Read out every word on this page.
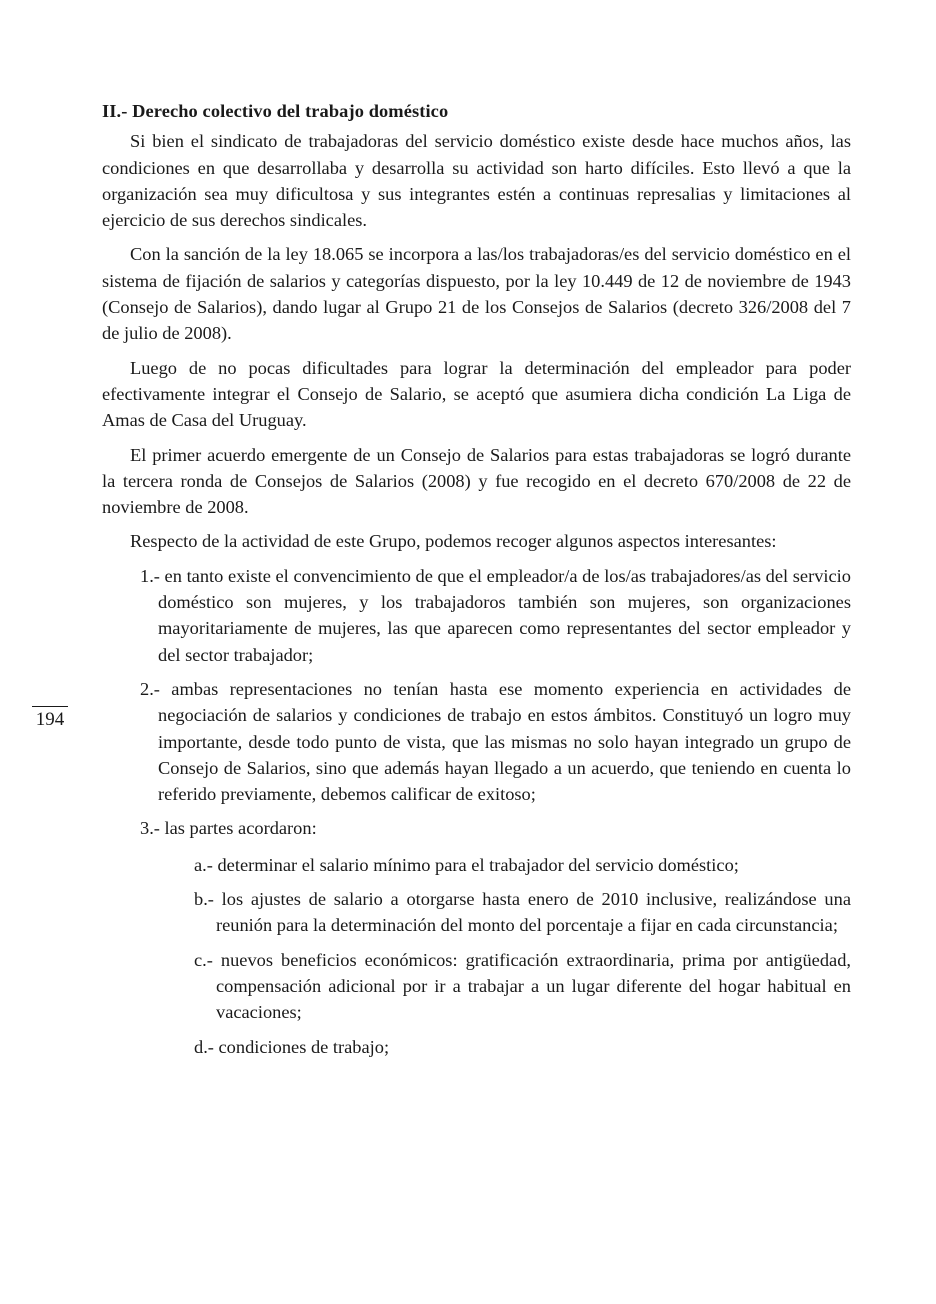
II.- Derecho colectivo del trabajo doméstico

Si bien el sindicato de trabajadoras del servicio doméstico existe desde hace muchos años, las condiciones en que desarrollaba y desarrolla su actividad son harto difíciles. Esto llevó a que la organización sea muy dificultosa y sus integrantes estén a continuas represalias y limitaciones al ejercicio de sus derechos sindicales.

Con la sanción de la ley 18.065 se incorpora a las/los trabajadoras/es del servicio doméstico en el sistema de fijación de salarios y categorías dispuesto, por la ley 10.449 de 12 de noviembre de 1943 (Consejo de Salarios), dando lugar al Grupo 21 de los Consejos de Salarios (decreto 326/2008 del 7 de julio de 2008).

Luego de no pocas dificultades para lograr la determinación del empleador para poder efectivamente integrar el Consejo de Salario, se aceptó que asumiera dicha condición La Liga de Amas de Casa del Uruguay.

El primer acuerdo emergente de un Consejo de Salarios para estas trabajadoras se logró durante la tercera ronda de Consejos de Salarios (2008) y fue recogido en el decreto 670/2008 de 22 de noviembre de 2008.

Respecto de la actividad de este Grupo, podemos recoger algunos aspectos interesantes:

1.- en tanto existe el convencimiento de que el empleador/a de los/as trabajadores/as del servicio doméstico son mujeres, y los trabajadoros también son mujeres, son organizaciones mayoritariamente de mujeres, las que aparecen como representantes del sector empleador y del sector trabajador;

2.- ambas representaciones no tenían hasta ese momento experiencia en actividades de negociación de salarios y condiciones de trabajo en estos ámbitos. Constituyó un logro muy importante, desde todo punto de vista, que las mismas no solo hayan integrado un grupo de Consejo de Salarios, sino que además hayan llegado a un acuerdo, que teniendo en cuenta lo referido previamente, debemos calificar de exitoso;

3.- las partes acordaron:

a.- determinar el salario mínimo para el trabajador del servicio doméstico;

b.- los ajustes de salario a otorgarse hasta enero de 2010 inclusive, realizándose una reunión para la determinación del monto del porcentaje a fijar en cada circunstancia;

c.- nuevos beneficios económicos: gratificación extraordinaria, prima por antigüedad, compensación adicional por ir a trabajar a un lugar diferente del hogar habitual en vacaciones;

d.- condiciones de trabajo;

194
